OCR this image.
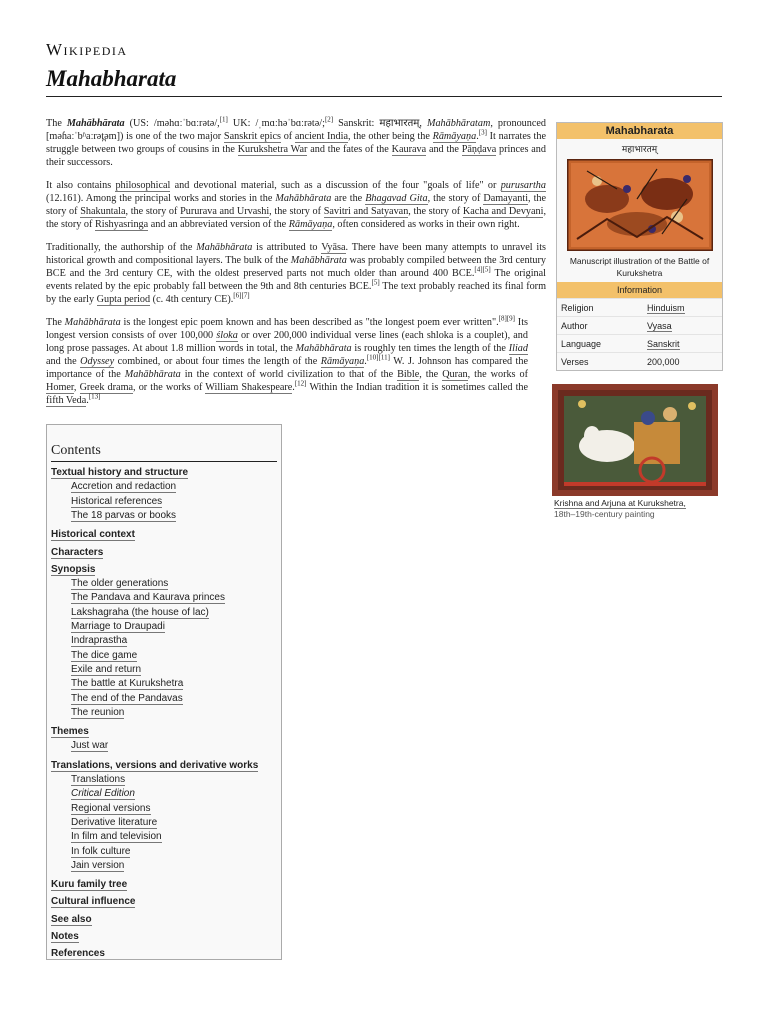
Wikipedia
Mahabharata

The Mahābhārata (US: /məhɑːˈbɑːrətə/,[1] UK: /ˌmɑːhəˈbɑːrətə/;[2] Sanskrit: महाभारतम्, Mahābhāratam, pronounced [məɦaːˈbʱaːrət̪əm]) is one of the two major Sanskrit epics of ancient India, the other being the Rāmāyaṇa.[3] It narrates the struggle between two groups of cousins in the Kurukshetra War and the fates of the Kaurava and the Pāṇḍava princes and their successors.

It also contains philosophical and devotional material, such as a discussion of the four "goals of life" or purusartha (12.161). Among the principal works and stories in the Mahābhārata are the Bhagavad Gita, the story of Damayanti, the story of Shakuntala, the story of Pururava and Urvashi, the story of Savitri and Satyavan, the story of Kacha and Devyani, the story of Rishyasringa and an abbreviated version of the Rāmāyaṇa, often considered as works in their own right.

Traditionally, the authorship of the Mahābhārata is attributed to Vyāsa. There have been many attempts to unravel its historical growth and compositional layers. The bulk of the Mahābhārata was probably compiled between the 3rd century BCE and the 3rd century CE, with the oldest preserved parts not much older than around 400 BCE.[4][5] The original events related by the epic probably fall between the 9th and 8th centuries BCE.[5] The text probably reached its final form by the early Gupta period (c. 4th century CE).[6][7]

The Mahābhārata is the longest epic poem known and has been described as "the longest poem ever written".[8][9] Its longest version consists of over 100,000 śloka or over 200,000 individual verse lines (each shloka is a couplet), and long prose passages. At about 1.8 million words in total, the Mahābhārata is roughly ten times the length of the Iliad and the Odyssey combined, or about four times the length of the Rāmāyaṇa.[10][11] W. J. Johnson has compared the importance of the Mahābhārata in the context of world civilization to that of the Bible, the Quran, the works of Homer, Greek drama, or the works of William Shakespeare.[12] Within the Indian tradition it is sometimes called the fifth Veda.[13]

Mahabharata
महाभारतम्
Manuscript illustration of the Battle of Kurukshetra
Information
Religion	Hinduism
Author	Vyasa
Language	Sanskrit
Verses	200,000
Krishna and Arjuna at Kurukshetra,
18th–19th-century painting
Contents
Textual history and structure
Accretion and redaction
Historical references
The 18 parvas or books
Historical context
Characters
Synopsis
The older generations
The Pandava and Kaurava princes
Lakshagraha (the house of lac)
Marriage to Draupadi
Indraprastha
The dice game
Exile and return
The battle at Kurukshetra
The end of the Pandavas
The reunion
Themes
Just war
Translations, versions and derivative works
Translations
Critical Edition
Regional versions
Derivative literature
In film and television
In folk culture
Jain version
Kuru family tree
Cultural influence
See also
Notes
References
